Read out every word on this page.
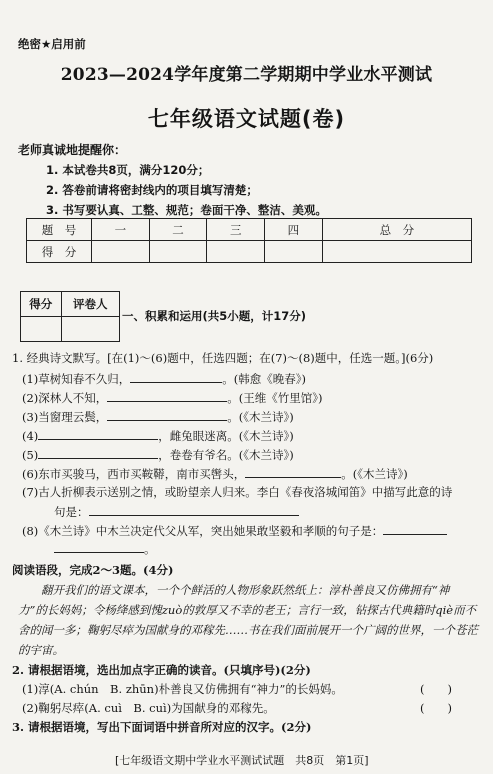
绝密★启用前
2023—2024学年度第二学期期中学业水平测试
七年级语文试题(卷)
老师真诚地提醒你：
1. 本试卷共8页，满分120分；
2. 答卷前请将密封线内的项目填写清楚；
3. 书写要认真、工整、规范；卷面干净、整洁、美观。
题　号	一	二	三	四	总　分
得　分					
得分	评卷人

一、积累和运用(共5小题，计17分)
1. 经典诗文默写。[在(1)～(6)题中，任选四题；在(7)～(8)题中，任选一题。](6分)
(1)草树知春不久归，	。(韩愈《晚春》)
(2)深林人不知，	。(王维《竹里馆》)
(3)当窗理云鬓，	。(《木兰诗》)
(4)	，雌兔眼迷离。(《木兰诗》)
(5)	，卷卷有爷名。(《木兰诗》)
(6)东市买骏马，西市买鞍鞯，南市买辔头，	。(《木兰诗》)
(7)古人折柳表示送别之情，或盼望亲人归来。李白《春夜洛城闻笛》中描写此意的诗
句是：
(8)《木兰诗》中木兰决定代父从军，突出她果敢坚毅和孝顺的句子是：
。
阅读语段，完成2～3题。(4分)
翻开我们的语文课本，一个个鲜活的人物形象跃然纸上：淳朴善良又仿佛拥有“神力”的长妈妈；令杨绛感到愧zuò的敦厚又不幸的老王；言行一致，钻探古代典籍时qiè而不舍的闻一多；鞠躬尽瘁为国献身的邓稼先……书在我们面前展开一个广阔的世界，一个苍茫的宇宙。
2. 请根据语境，选出加点字正确的读音。(只填序号)(2分)
(1)淳(A. chún　B. zhūn)朴善良又仿佛拥有“神力”的长妈妈。	(　　)
(2)鞠躬尽瘁(A. cuì　B. cuì)为国献身的邓稼先。	(　　)
3. 请根据语境，写出下面词语中拼音所对应的汉字。(2分)
[七年级语文期中学业水平测试试题　共8页　第1页]
